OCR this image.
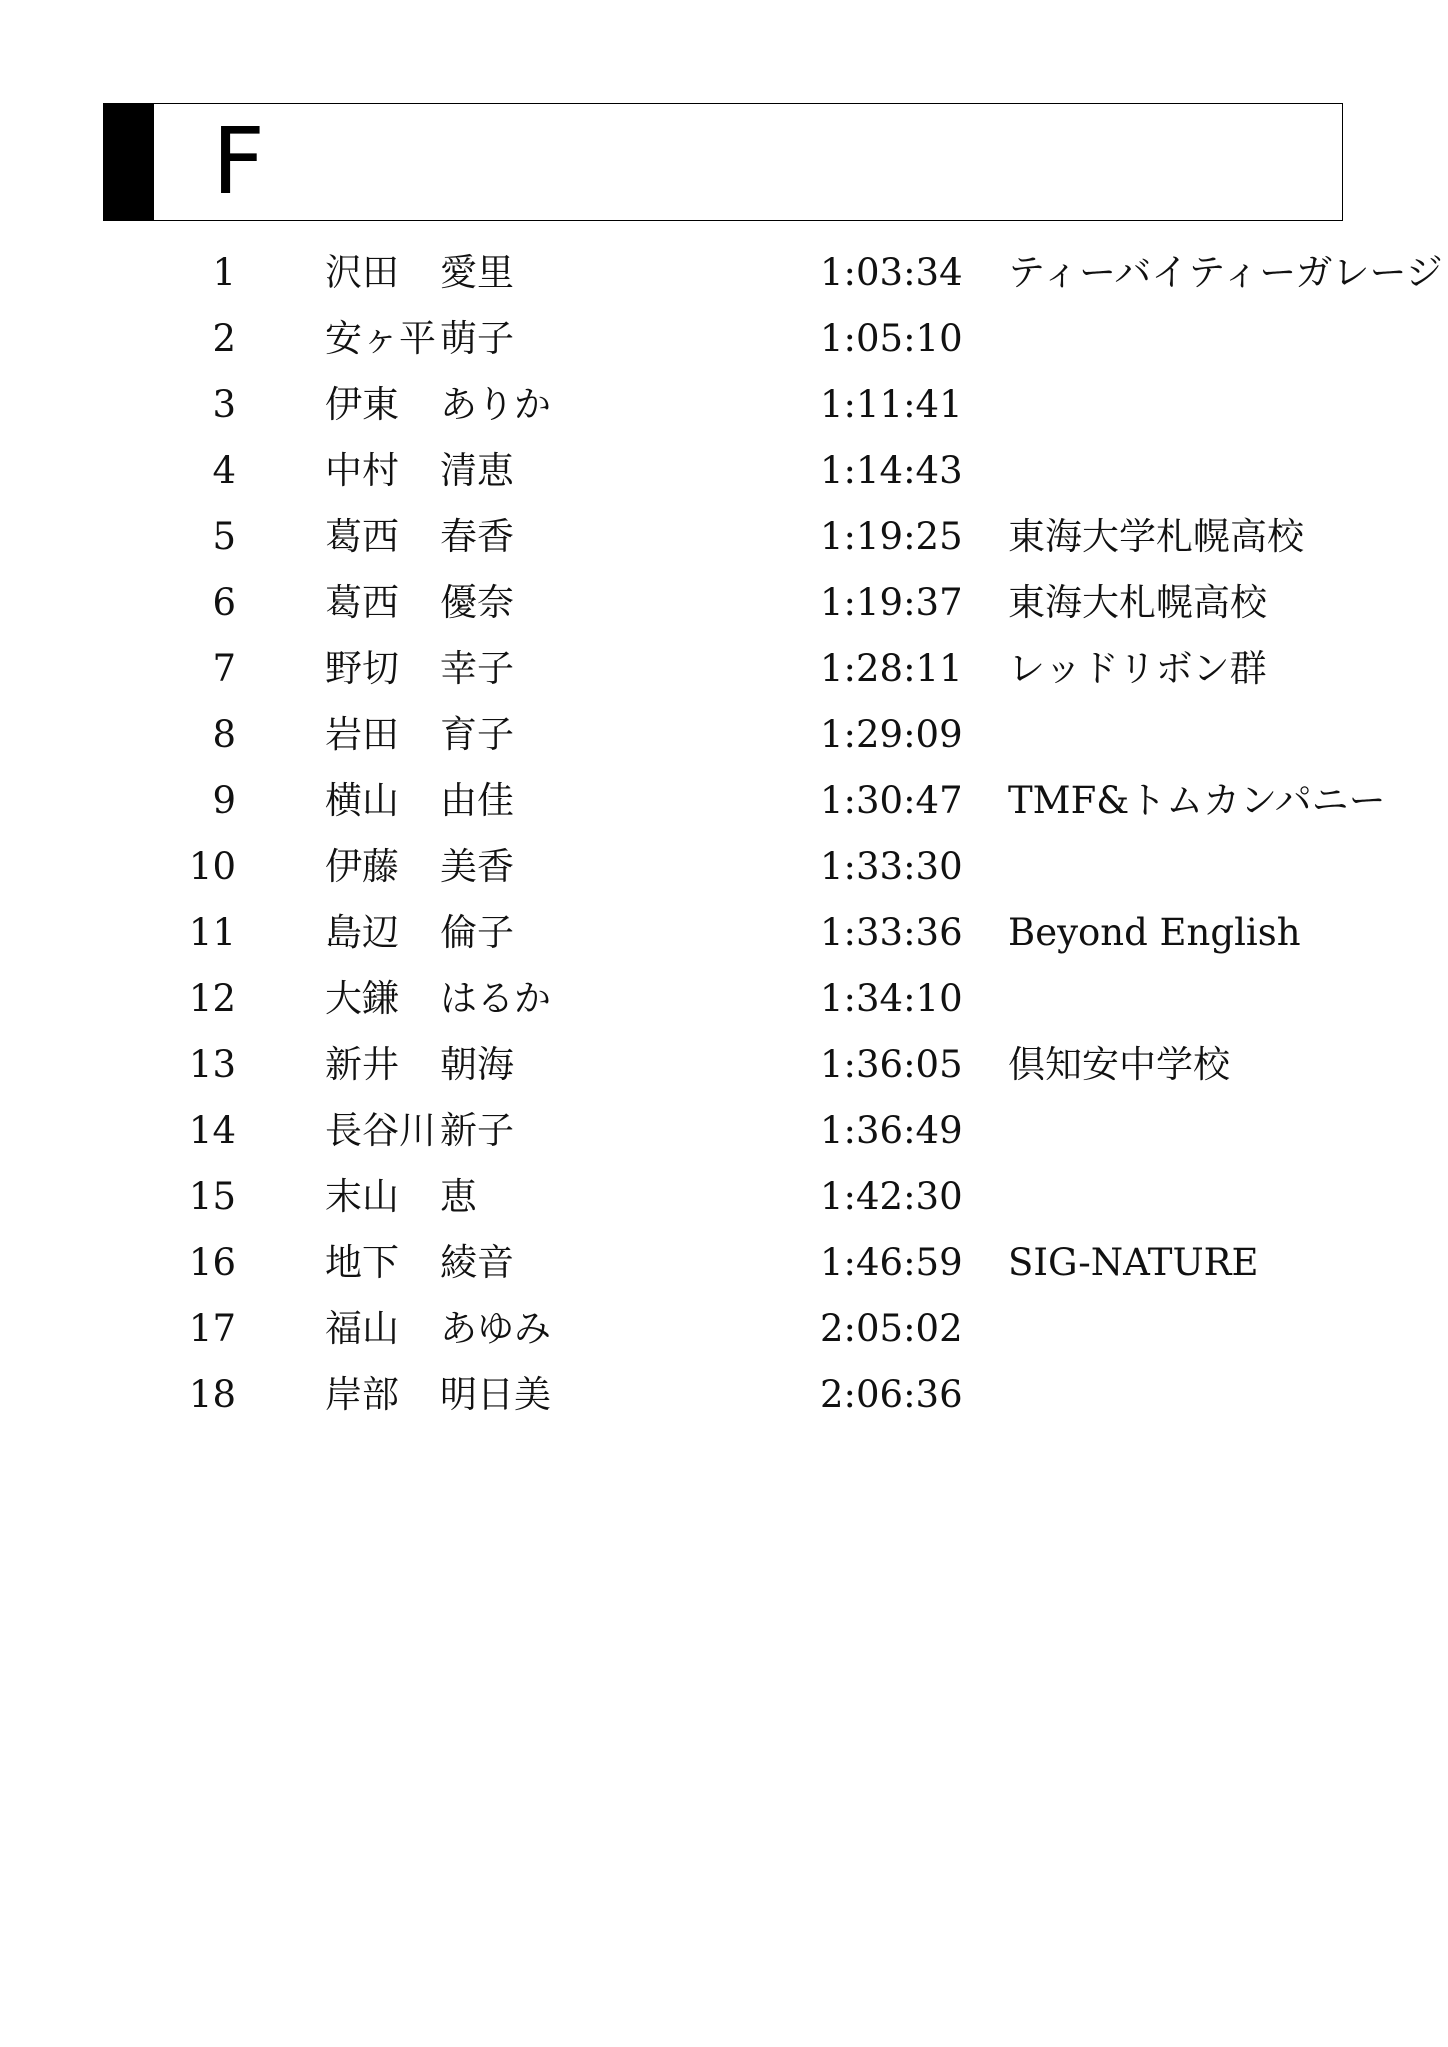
F
1 沢田 愛里	1:03:34 ティーバイティーガレージ
2 安ヶ平 萌子	1:05:10
3 伊東 ありか	1:11:41
4 中村 清恵	1:14:43
5 葛西 春香	1:19:25 東海大学札幌高校
6 葛西 優奈	1:19:37 東海大札幌高校
7 野切 幸子	1:28:11 レッドリボン群
8 岩田 育子	1:29:09
9 横山 由佳	1:30:47 TMF&トムカンパニー
10 伊藤 美香	1:33:30
11 島辺 倫子	1:33:36 Beyond English
12 大鎌 はるか	1:34:10
13 新井 朝海	1:36:05 倶知安中学校
14 長谷川 新子	1:36:49
15 末山 恵	1:42:30
16 地下 綾音	1:46:59 SIG-NATURE
17 福山 あゆみ	2:05:02
18 岸部 明日美	2:06:36
